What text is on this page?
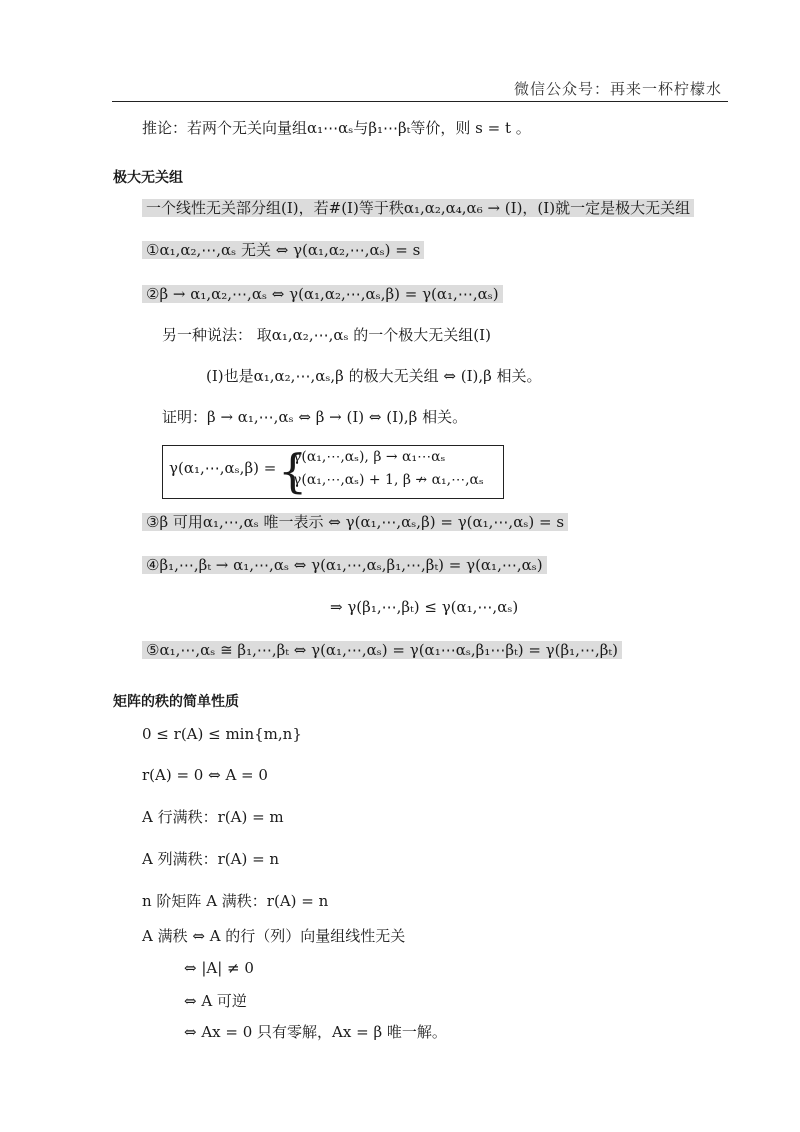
微信公众号：再来一杯柠檬水
推论：若两个无关向量组α₁⋯αₛ与β₁⋯βₜ等价，则 s = t 。
极大无关组
一个线性无关部分组(I)，若#(I)等于秩α₁,α₂,α₄,α₆ → (I)，(I)就一定是极大无关组
①α₁,α₂,⋯,αₛ 无关 ⇔ γ(α₁,α₂,⋯,αₛ) = s
②β → α₁,α₂,⋯,αₛ ⇔ γ(α₁,α₂,⋯,αₛ,β) = γ(α₁,⋯,αₛ)
另一种说法： 取α₁,α₂,⋯,αₛ 的一个极大无关组(I)
(I)也是α₁,α₂,⋯,αₛ,β 的极大无关组 ⇔ (I),β 相关。
证明：β → α₁,⋯,αₛ ⇔ β → (I) ⇔ (I),β 相关。
γ(α₁,⋯,αₛ,β) = {
γ(α₁,⋯,αₛ), β → α₁⋯αₛ
γ(α₁,⋯,αₛ) + 1, β ↛ α₁,⋯,αₛ
③β 可用α₁,⋯,αₛ 唯一表示 ⇔ γ(α₁,⋯,αₛ,β) = γ(α₁,⋯,αₛ) = s
④β₁,⋯,βₜ → α₁,⋯,αₛ ⇔ γ(α₁,⋯,αₛ,β₁,⋯,βₜ) = γ(α₁,⋯,αₛ)
⇒ γ(β₁,⋯,βₜ) ≤ γ(α₁,⋯,αₛ)
⑤α₁,⋯,αₛ ≅ β₁,⋯,βₜ ⇔ γ(α₁,⋯,αₛ) = γ(α₁⋯αₛ,β₁⋯βₜ) = γ(β₁,⋯,βₜ)
矩阵的秩的简单性质
0 ≤ r(A) ≤ min{m,n}
r(A) = 0 ⇔ A = 0
A 行满秩：r(A) = m
A 列满秩：r(A) = n
n 阶矩阵 A 满秩：r(A) = n
A 满秩 ⇔ A 的行（列）向量组线性无关
⇔ |A| ≠ 0
⇔ A 可逆
⇔ Ax = 0 只有零解，Ax = β 唯一解。
